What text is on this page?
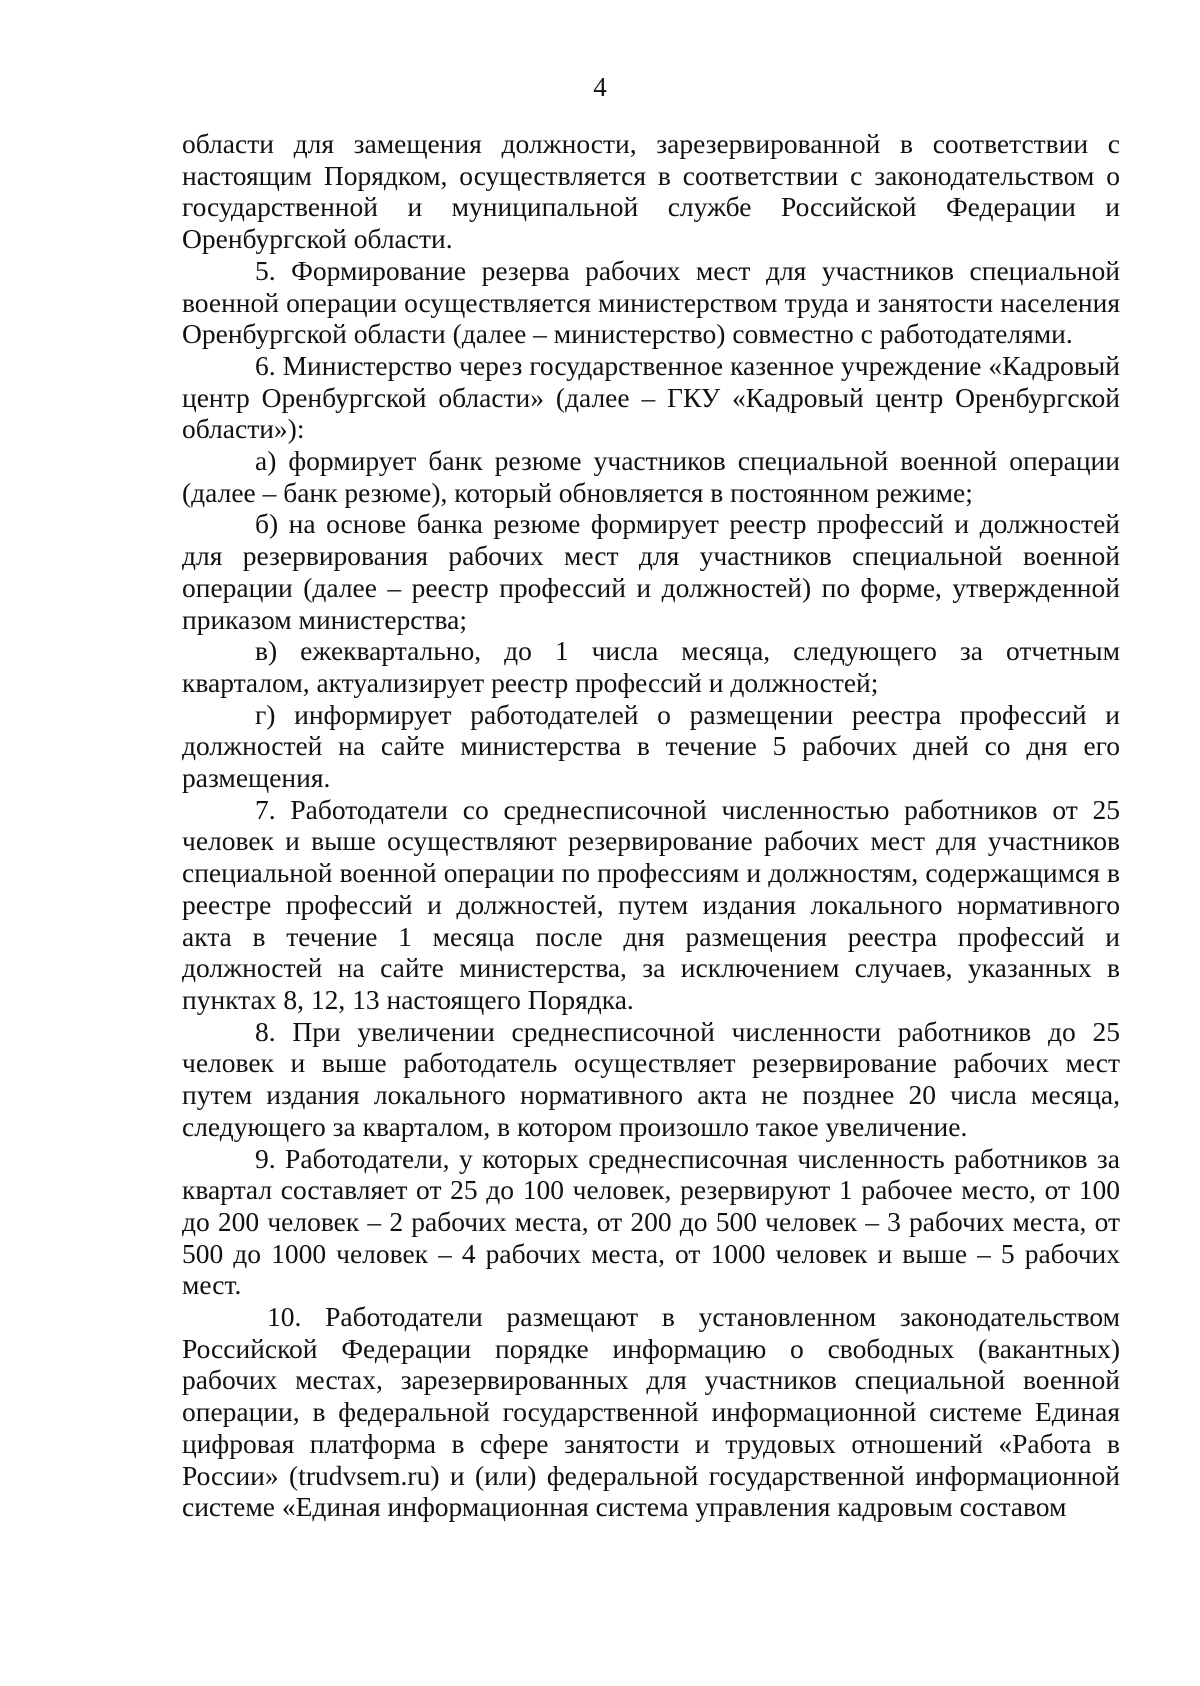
4

области для замещения должности, зарезервированной в соответствии с настоящим Порядком, осуществляется в соответствии с законодательством о государственной и муниципальной службе Российской Федерации и Оренбургской области.

5. Формирование резерва рабочих мест для участников специальной военной операции осуществляется министерством труда и занятости населения Оренбургской области (далее – министерство) совместно с работодателями.

6. Министерство через государственное казенное учреждение «Кадровый центр Оренбургской области» (далее – ГКУ «Кадровый центр Оренбургской области»):

а) формирует банк резюме участников специальной военной операции (далее – банк резюме), который обновляется в постоянном режиме;

б) на основе банка резюме формирует реестр профессий и должностей для резервирования рабочих мест для участников специальной военной операции (далее – реестр профессий и должностей) по форме, утвержденной приказом министерства;

в) ежеквартально, до 1 числа месяца, следующего за отчетным кварталом, актуализирует реестр профессий и должностей;

г) информирует работодателей о размещении реестра профессий и должностей на сайте министерства в течение 5 рабочих дней со дня его размещения.

7. Работодатели со среднесписочной численностью работников от 25 человек и выше осуществляют резервирование рабочих мест для участников специальной военной операции по профессиям и должностям, содержащимся в реестре профессий и должностей, путем издания локального нормативного акта в течение 1 месяца после дня размещения реестра профессий и должностей на сайте министерства, за исключением случаев, указанных в пунктах 8, 12, 13 настоящего Порядка.

8. При увеличении среднесписочной численности работников до 25 человек и выше работодатель осуществляет резервирование рабочих мест путем издания локального нормативного акта не позднее 20 числа месяца, следующего за кварталом, в котором произошло такое увеличение.

9. Работодатели, у которых среднесписочная численность работников за квартал составляет от 25 до 100 человек, резервируют 1 рабочее место, от 100 до 200 человек – 2 рабочих места, от 200 до 500 человек – 3 рабочих места, от 500 до 1000 человек – 4 рабочих места, от 1000 человек и выше – 5 рабочих мест.

10. Работодатели размещают в установленном законодательством Российской Федерации порядке информацию о свободных (вакантных) рабочих местах, зарезервированных для участников специальной военной операции, в федеральной государственной информационной системе Единая цифровая платформа в сфере занятости и трудовых отношений «Работа в России» (trudvsem.ru) и (или) федеральной государственной информационной системе «Единая информационная система управления кадровым составом
